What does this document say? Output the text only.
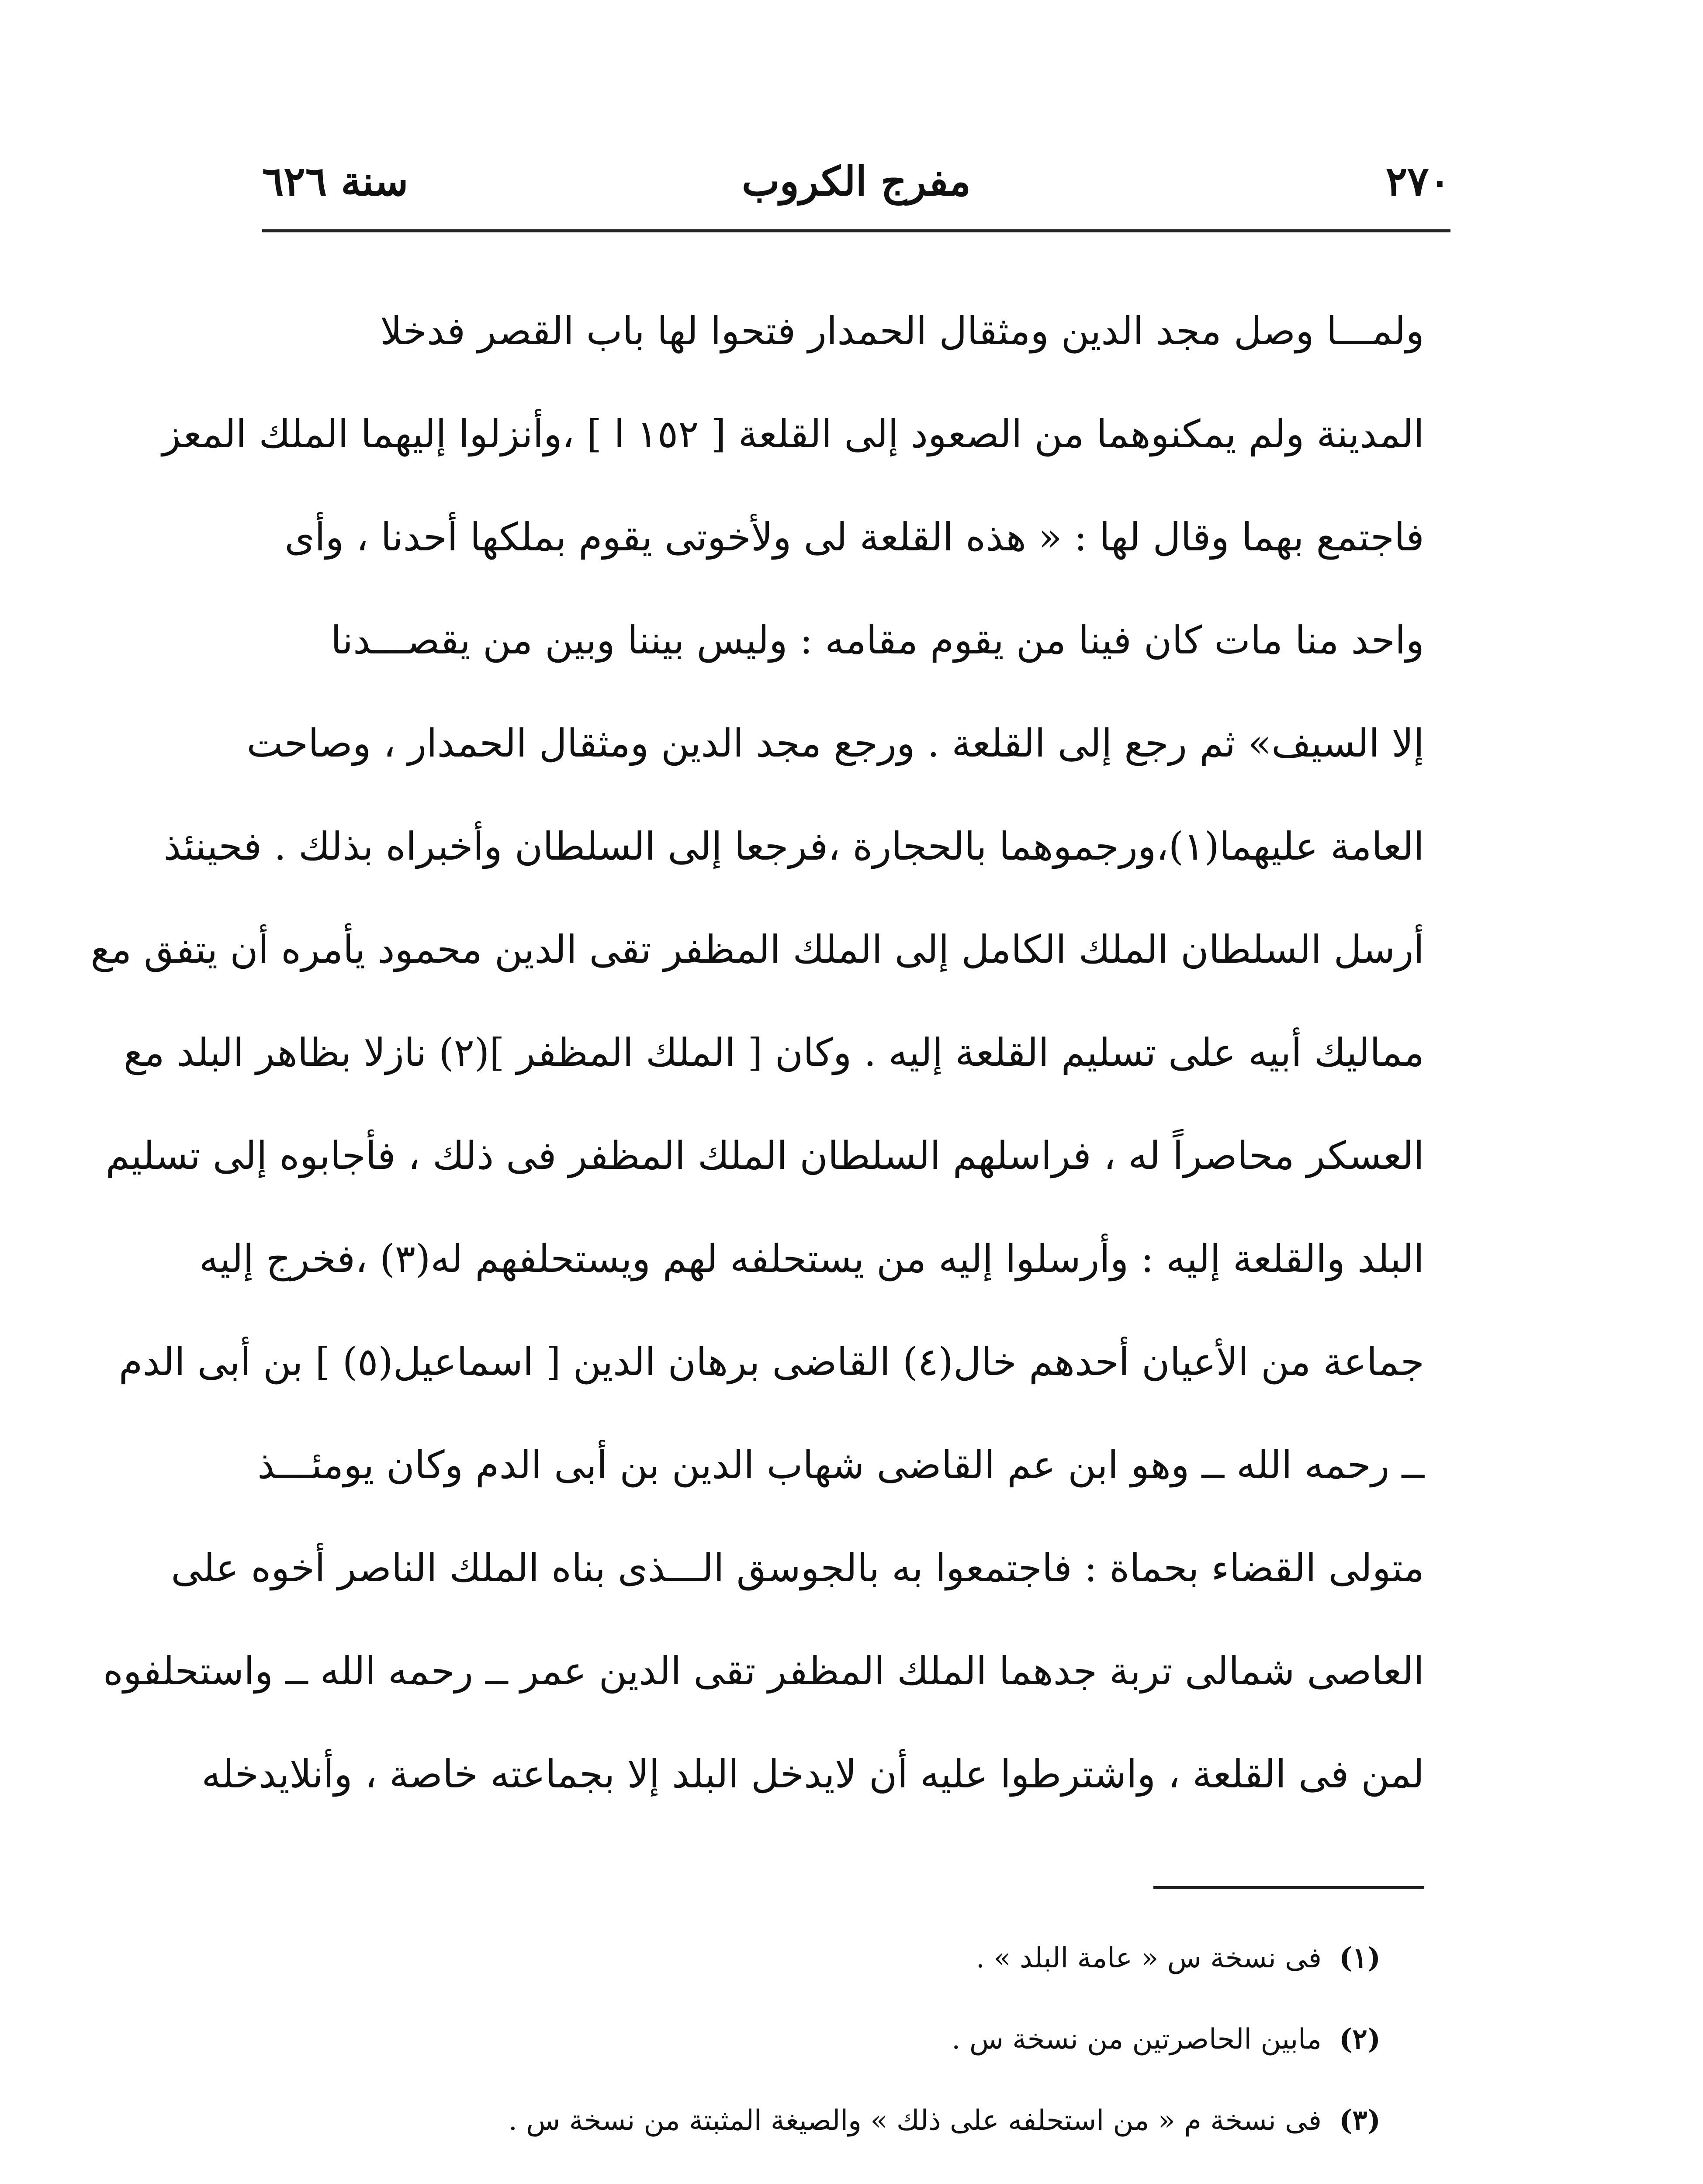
٢٧٠
مفرج الكروب
سنة ٦٢٦
ولمـــا وصل مجد الدين ومثقال الحمدار فتحوا لها باب القصر فدخلا
المدينة ولم يمكنوهما من الصعود إلى القلعة [ ١٥٢ ا ] ،وأنزلوا إليهما الملك المعز
فاجتمع بهما وقال لها : « هذه القلعة لى ولأخوتى يقوم بملكها أحدنا ، وأى
واحد منا مات كان فينا من يقوم مقامه : وليس بيننا وبين من يقصـــدنا
إلا السيف» ثم رجع إلى القلعة . ورجع مجد الدين ومثقال الحمدار ، وصاحت
العامة عليهما(١)،ورجموهما بالحجارة ،فرجعا إلى السلطان وأخبراه بذلك . فحينئذ
أرسل السلطان الملك الكامل إلى الملك المظفر تقى الدين محمود يأمره أن يتفق مع
مماليك أبيه على تسليم القلعة إليه . وكان [ الملك المظفر ](٢) نازلا بظاهر البلد مع
العسكر محاصراً له ، فراسلهم السلطان الملك المظفر فى ذلك ، فأجابوه إلى تسليم
البلد والقلعة إليه : وأرسلوا إليه من يستحلفه لهم ويستحلفهم له(٣) ،فخرج إليه
جماعة من الأعيان أحدهم خال(٤) القاضى برهان الدين [ اسماعيل(٥) ] بن أبى الدم
ــ رحمه الله ــ وهو ابن عم القاضى شهاب الدين بن أبى الدم وكان يومئـــذ
متولى القضاء بحماة : فاجتمعوا به بالجوسق الـــذى بناه الملك الناصر أخوه على
العاصى شمالى تربة جدهما الملك المظفر تقى الدين عمر ــ رحمه الله ــ واستحلفوه
لمن فى القلعة ، واشترطوا عليه أن لايدخل البلد إلا بجماعته خاصة ، وأنلايدخله
(١)فى نسخة س « عامة البلد » .
(٢)مابين الحاصرتين من نسخة س .
(٣)فى نسخة م « من استحلفه على ذلك » والصيغة المثبتة من نسخة س .
